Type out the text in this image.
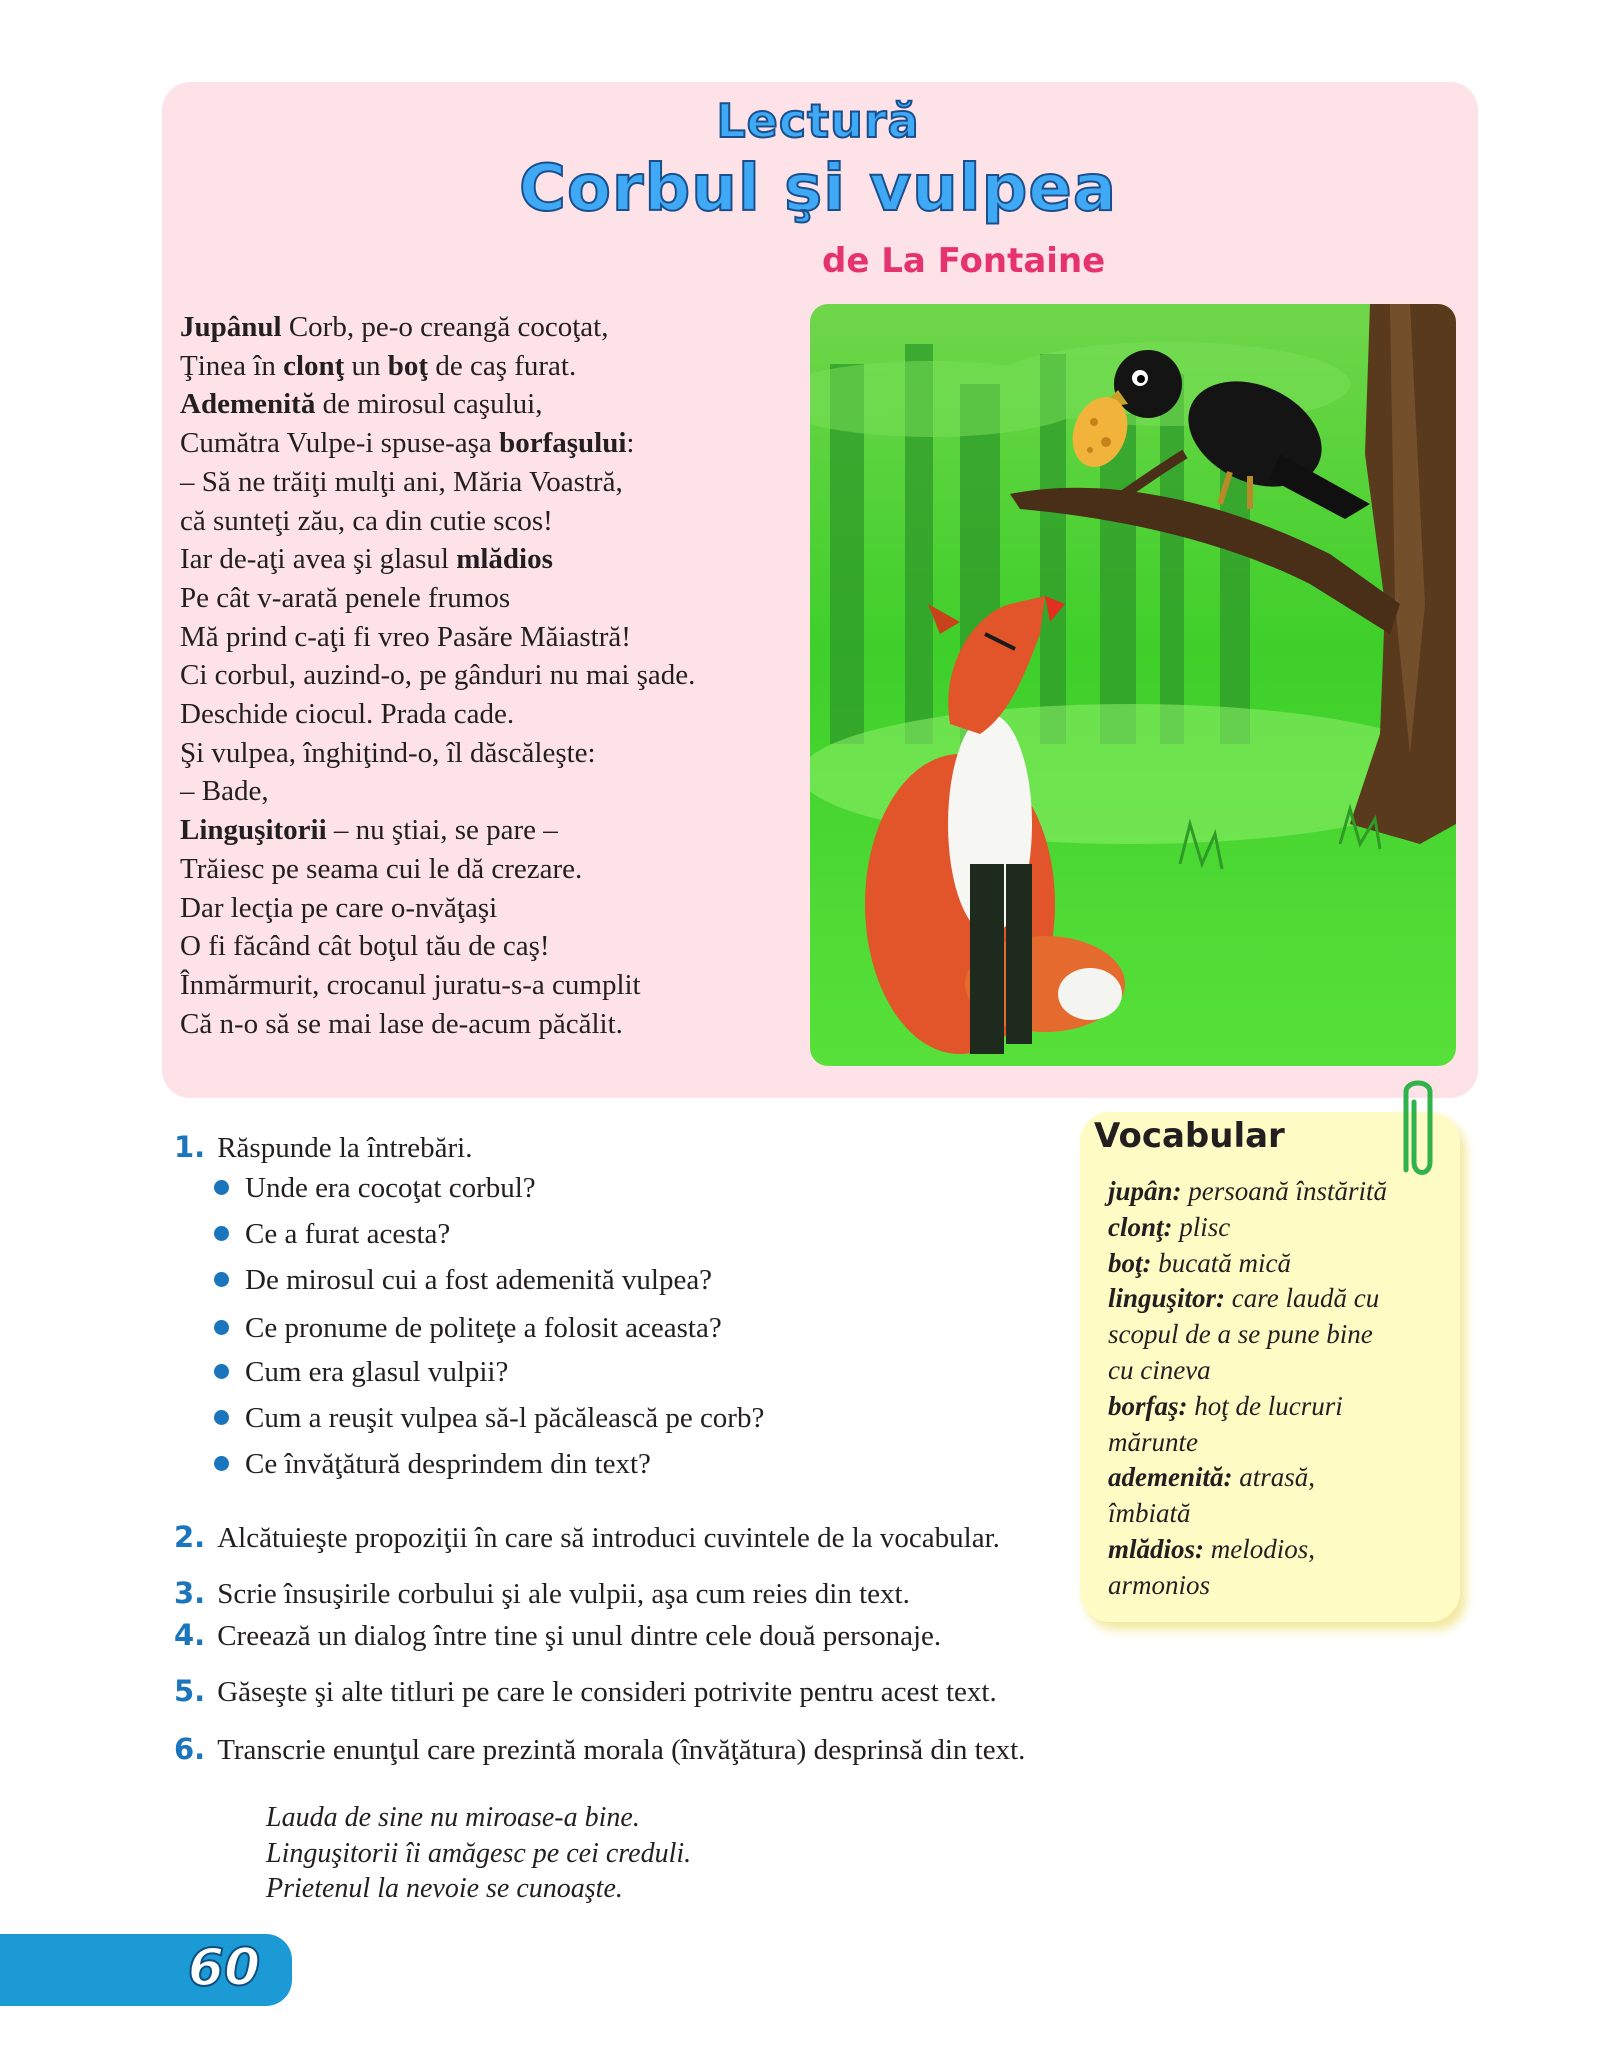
Lectură
Corbul şi vulpea
de La Fontaine
Jupânul Corb, pe-o creangă cocoţat,
Ţinea în clonţ un boţ de caş furat.
Ademenită de mirosul caşului,
Cumătra Vulpe-i spuse-aşa borfaşului:
– Să ne trăiţi mulţi ani, Măria Voastră,
că sunteţi zău, ca din cutie scos!
Iar de-aţi avea şi glasul mlădios
Pe cât v-arată penele frumos
Mă prind c-aţi fi vreo Pasăre Măiastră!
Ci corbul, auzind-o, pe gânduri nu mai şade.
Deschide ciocul. Prada cade.
Şi vulpea, înghiţind-o, îl dăscăleşte:
– Bade,
Linguşitorii – nu ştiai, se pare –
Trăiesc pe seama cui le dă crezare.
Dar lecţia pe care o-nvăţaşi
O fi făcând cât boţul tău de caş!
Înmărmurit, crocanul juratu-s-a cumplit
Că n-o să se mai lase de-acum păcălit.
1. Răspunde la întrebări.
Unde era cocoţat corbul?
Ce a furat acesta?
De mirosul cui a fost ademenită vulpea?
Ce pronume de politeţe a folosit aceasta?
Cum era glasul vulpii?
Cum a reuşit vulpea să-l păcălească pe corb?
Ce învăţătură desprindem din text?
2. Alcătuieşte propoziţii în care să introduci cuvintele de la vocabular.
3. Scrie însuşirile corbului şi ale vulpii, aşa cum reies din text.
4. Creează un dialog între tine şi unul dintre cele două personaje.
5. Găseşte şi alte titluri pe care le consideri potrivite pentru acest text.
6. Transcrie enunţul care prezintă morala (învăţătura) desprinsă din text.
Vocabular
jupân: persoană înstărită
clonţ: plisc
boţ: bucată mică
linguşitor: care laudă cu
scopul de a se pune bine
cu cineva
borfaş: hoţ de lucruri
mărunte
ademenită: atrasă,
îmbiată
mlădios: melodios,
armonios
Lauda de sine nu miroase-a bine.
Linguşitorii îi amăgesc pe cei creduli.
Prietenul la nevoie se cunoaşte.
60
